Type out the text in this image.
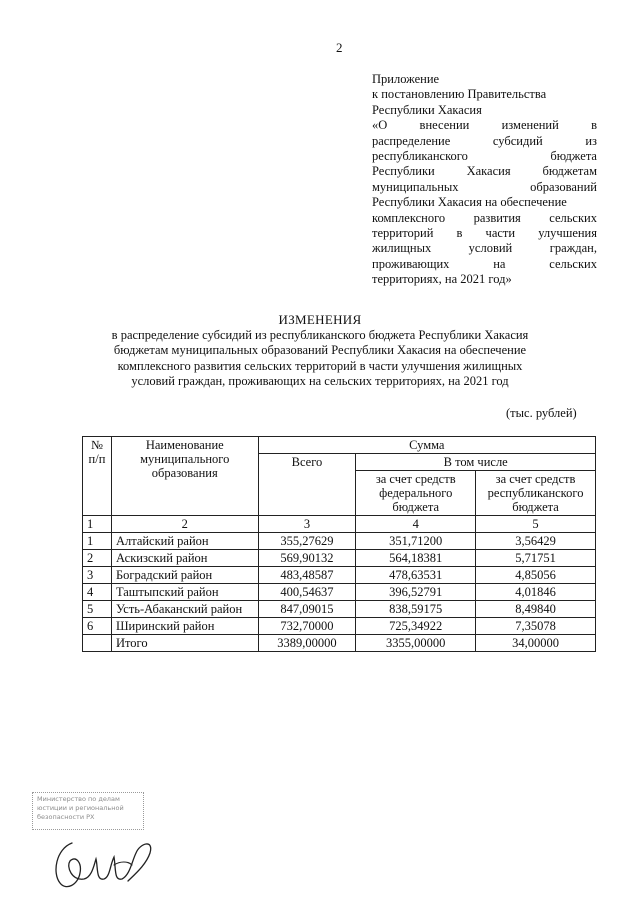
2
Приложение
к постановлению Правительства
Республики Хакасия
«О внесении изменений в
распределение субсидий из
республиканского бюджета
Республики Хакасия бюджетам
муниципальных образований
Республики Хакасия на обеспечение
комплексного развития сельских
территорий в части улучшения
жилищных условий граждан,
проживающих на сельских
территориях, на 2021 год»
ИЗМЕНЕНИЯ
в распределение субсидий из республиканского бюджета Республики Хакасия
бюджетам муниципальных образований Республики Хакасия на обеспечение
комплексного развития сельских территорий в части улучшения жилищных
условий граждан, проживающих на сельских территориях, на 2021 год
(тыс. рублей)
№ п/п	Наименование муниципального образования	Сумма		
		Всего	В том числе	
			за счет средств федерального бюджета	за счет средств республиканского бюджета
1	2	3	4	5
1	Алтайский район	355,27629	351,71200	3,56429
2	Аскизский район	569,90132	564,18381	5,71751
3	Боградский район	483,48587	478,63531	4,85056
4	Таштыпский район	400,54637	396,52791	4,01846
5	Усть-Абаканский район	847,09015	838,59175	8,49840
6	Ширинский район	732,70000	725,34922	7,35078
	Итого	3389,00000	3355,00000	34,00000
Министерство по делам
юстиции и региональной
безопасности РХ
